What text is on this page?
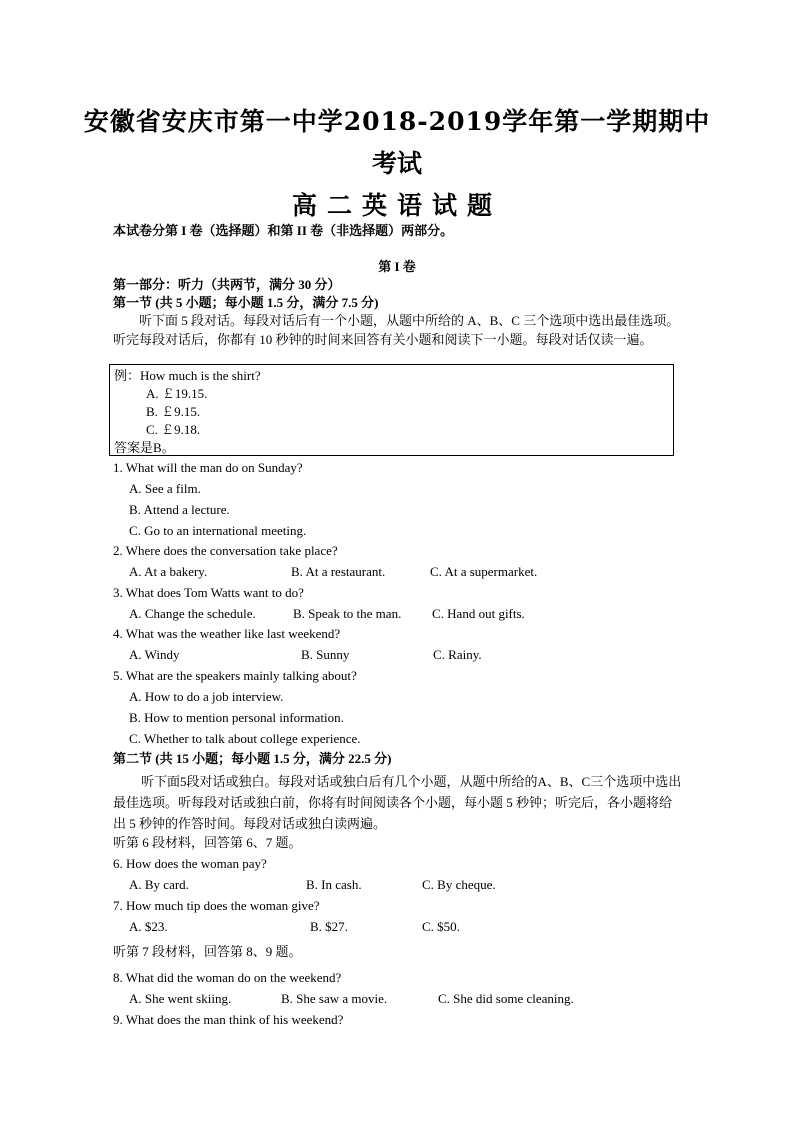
安徽省安庆市第一中学2018-2019学年第一学期期中
考试
高二英语试题
本试卷分第 I 卷（选择题）和第 II 卷（非选择题）两部分。
第 I 卷
第一部分：听力（共两节，满分 30 分）
第一节 (共 5 小题；每小题 1.5 分，满分 7.5 分)
听下面 5 段对话。每段对话后有一个小题，从题中所给的 A、B、C 三个选项中选出最佳选项。听完每段对话后，你都有 10 秒钟的时间来回答有关小题和阅读下一小题。每段对话仅读一遍。
例：How much is the shirt?
A. ￡19.15.
B. ￡9.15.
C. ￡9.18.
答案是B。
1. What will the man do on Sunday?
A. See a film.
B. Attend a lecture.
C. Go to an international meeting.
2. Where does the conversation take place?
A. At a bakery.	B. At a restaurant.	C. At a supermarket.
3. What does Tom Watts want to do?
A. Change the schedule.	B. Speak to the man. C. Hand out gifts.
4. What was the weather like last weekend?
A. Windy	B. Sunny	C. Rainy.
5. What are the speakers mainly talking about?
A. How to do a job interview.
B. How to mention personal information.
C. Whether to talk about college experience.
第二节 (共 15 小题；每小题 1.5 分，满分 22.5 分)
听下面5段对话或独白。每段对话或独白后有几个小题，从题中所给的A、B、C三个选项中选出最佳选项。听每段对话或独白前，你将有时间阅读各个小题，每小题 5 秒钟；听完后，各小题将给出 5 秒钟的作答时间。每段对话或独白读两遍。
听第 6 段材料，回答第 6、7 题。
6. How does the woman pay?
A. By card.	B. In cash.	C. By cheque.
7. How much tip does the woman give?
A. $23.	B. $27.	C. $50.
听第 7 段材料，回答第 8、9 题。
8. What did the woman do on the weekend?
A. She went skiing.	B. She saw a movie.	C. She did some cleaning.
9. What does the man think of his weekend?
